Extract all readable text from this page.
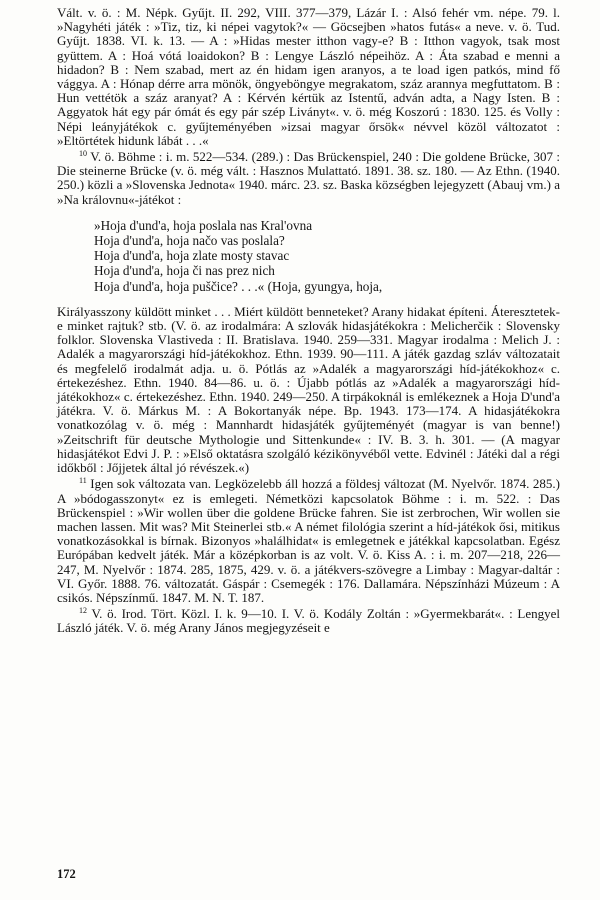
Vált. v. ö. : M. Népk. Gyűjt. II. 292, VIII. 377—379, Lázár I. : Alsó fehér vm. népe. 79. l. »Nagyhéti játék : »Tiz, tiz, ki népei vagytok?« — Göcsejben »hatos futás« a neve. v. ö. Tud. Gyűjt. 1838. VI. k. 13. — A : »Hidas mester itthon vagy-e? B : Itthon vagyok, tsak most gyüttem. A : Hoá vótá loaidokon? B : Lengye László népeihöz. A : Áta szabad e menni a hidadon? B : Nem szabad, mert az én hidam igen aranyos, a te load igen patkós, mind fő vággya. A : Hónap dérre arra mönök, öngyeböngye megrakatom, száz arannya megfuttatom. B : Hun vettétök a száz aranyat? A : Kérvén kértük az Istentű, adván adta, a Nagy Isten. B : Aggyatok hát egy pár ómát és egy pár szép Liványt«. v. ö. még Koszorú : 1830. 125. és Volly : Népi leányjátékok c. gyűjteményében »izsai magyar őrsök« névvel közöl változatot : »Eltörtétek hidunk lábát . . .«

$^{10}$ V. ö. Böhme : i. m. 522—534. (289.) : Das Brückenspiel, 240 : Die goldene Brücke, 307 : Die steinerne Brücke (v. ö. még vált. : Hasznos Mulattató. 1891. 38. sz. 180. — Az Ethn. (1940. 250.) közli a »Slovenska Jednota« 1940. márc. 23. sz. Baska községben lejegyzett (Abauj vm.) a »Na královnu«-játékot :

»Hoja d'und'a, hoja poslala nas Kral'ovna
Hoja d'und'a, hoja načo vas poslala?
Hoja d'und'a, hoja zlate mosty stavac
Hoja d'und'a, hoja či nas prez nich
Hoja d'und'a, hoja puščice? . . .« (Hoja, gyungya, hoja,

Királyasszony küldött minket . . . Miért küldött benneteket? Arany hidakat építeni. Áteresztetek-e minket rajtuk? stb. (V. ö. az irodalmára: A szlovák hidasjátékokra : Melicherčik : Slovensky folklor. Slovenska Vlastiveda : II. Bratislava. 1940. 259—331. Magyar irodalma : Melich J. : Adalék a magyarországi híd-játékokhoz. Ethn. 1939. 90—111. A játék gazdag szláv változatait és megfelelő irodalmát adja. u. ö. Pótlás az »Adalék a magyarországi híd-játékokhoz« c. értekezéshez. Ethn. 1940. 84—86. u. ö. : Újabb pótlás az »Adalék a magyarországi híd-játékokhoz« c. értekezéshez. Ethn. 1940. 249—250. A tirpákoknál is emlékeznek a Hoja D'und'a játékra. V. ö. Márkus M. : A Bokortanyák népe. Bp. 1943. 173—174. A hidasjátékokra vonatkozólag v. ö. még : Mannhardt hidasjáték gyűjteményét (magyar is van benne!) »Zeitschrift für deutsche Mythologie und Sittenkunde« : IV. B. 3. h. 301. — (A magyar hidasjátékot Edvi J. P. : »Első oktatásra szolgáló kézikönyvéből vette. Edvinél : Játéki dal a régi időkből : Jőjjetek által jó révészek.«)

$^{11}$ Igen sok változata van. Legközelebb áll hozzá a földesj változat (M. Nyelvőr. 1874. 285.) A »bódogasszonyt« ez is emlegeti. Németközi kapcsolatok Böhme : i. m. 522. : Das Brückenspiel : »Wir wollen über die goldene Brücke fahren. Sie ist zerbrochen, Wir wollen sie machen lassen. Mit was? Mit Steinerlei stb.« A német filológia szerint a híd-játékok ősi, mitikus vonatkozásokkal is bírnak. Bizonyos »halálhidat« is emlegetnek e játékkal kapcsolatban. Egész Európában kedvelt játék. Már a középkorban is az volt. V. ö. Kiss A. : i. m. 207—218, 226—247, M. Nyelvőr : 1874. 285, 1875, 429. v. ö. a játékvers-szövegre a Limbay : Magyar-daltár : VI. Győr. 1888. 76. változatát. Gáspár : Csemegék : 176. Dallamára. Népszínházi Múzeum : A csikós. Népszínmű. 1847. M. N. T. 187.

$^{12}$ V. ö. Irod. Tört. Közl. I. k. 9—10. I. V. ö. Kodály Zoltán : »Gyermekbarát«. : Lengyel László játék. V. ö. még Arany János megjegyzéseit e

172
